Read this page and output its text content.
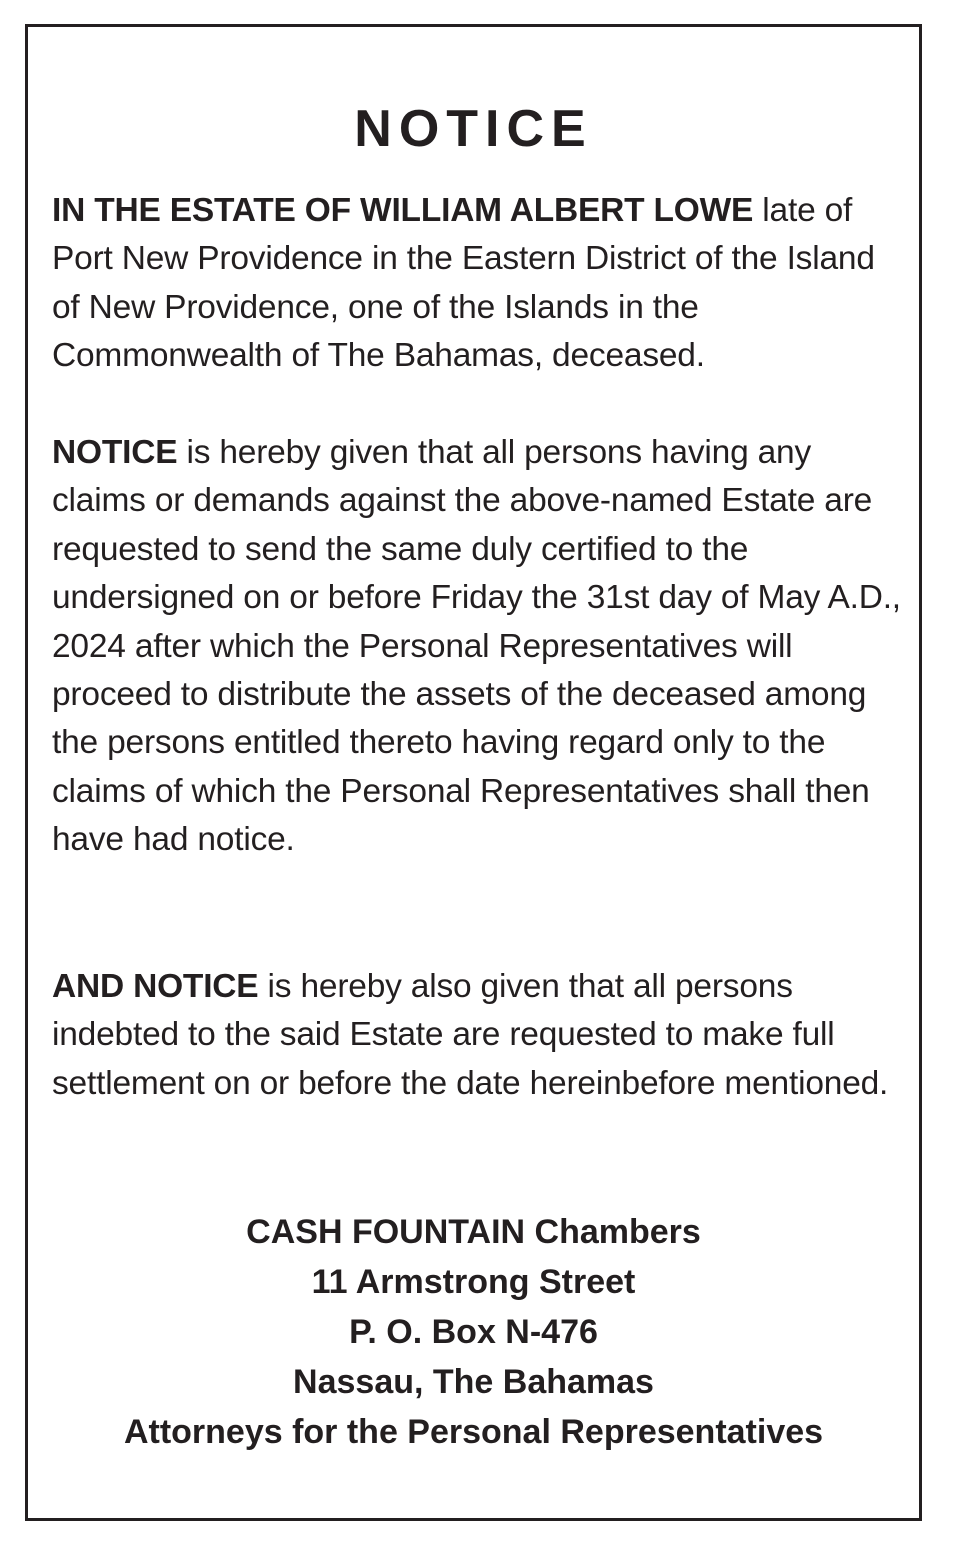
NOTICE

IN THE ESTATE OF WILLIAM ALBERT LOWE late of Port New Providence in the Eastern District of the Island of New Providence, one of the Islands in the Commonwealth of The Bahamas, deceased.

NOTICE is hereby given that all persons having any claims or demands against the above-named Estate are requested to send the same duly certified to the undersigned on or before Friday the 31st day of May A.D., 2024 after which the Personal Representatives will proceed to distribute the assets of the deceased among the persons entitled thereto having regard only to the claims of which the Personal Representatives shall then have had notice.

AND NOTICE is hereby also given that all persons indebted to the said Estate are requested to make full settlement on or before the date hereinbefore mentioned.

CASH FOUNTAIN Chambers
11 Armstrong Street
P. O. Box N-476
Nassau, The Bahamas
Attorneys for the Personal Representatives
